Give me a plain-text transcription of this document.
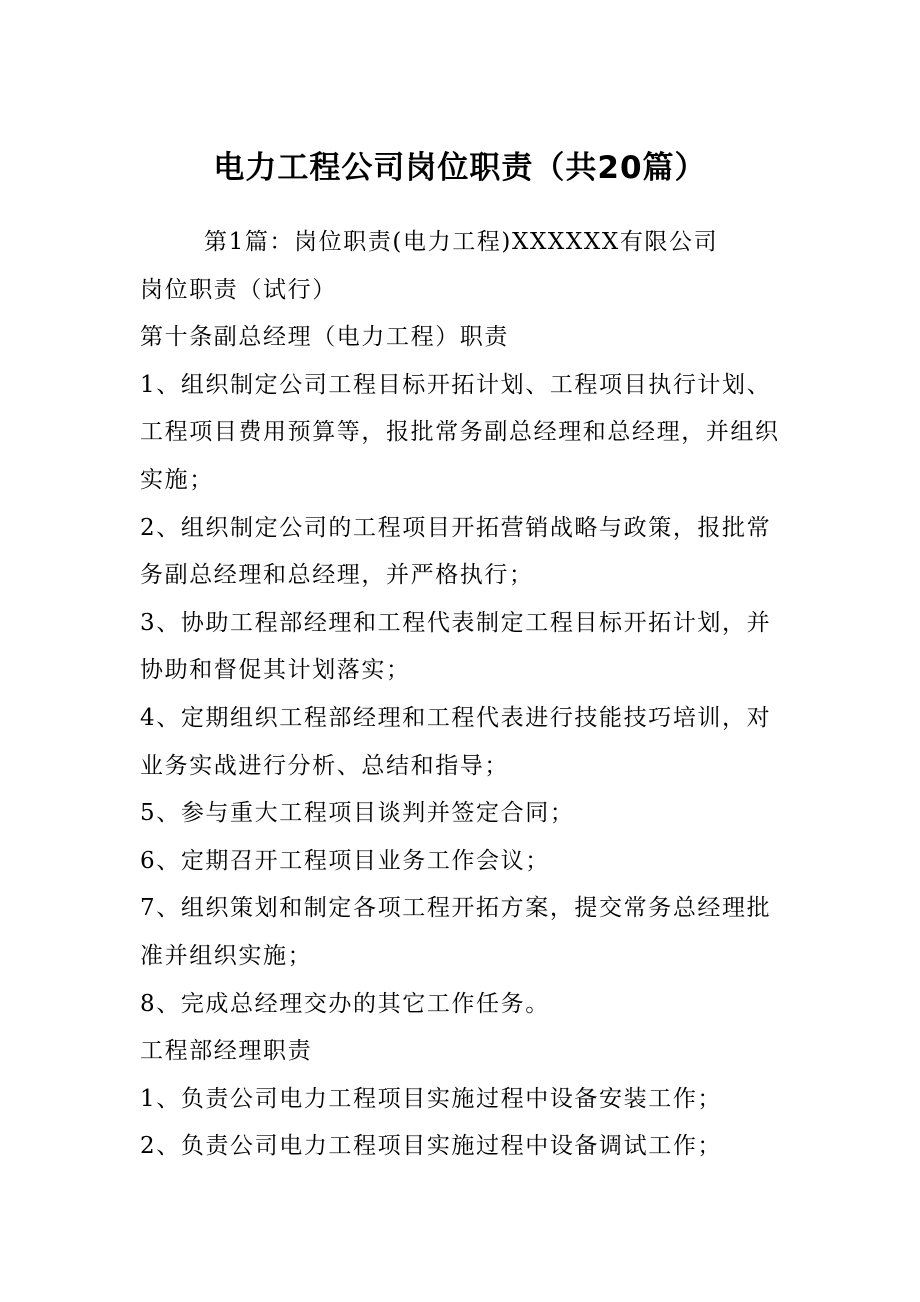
电力工程公司岗位职责（共20篇）
第1篇：岗位职责(电力工程)XXXXXX有限公司
岗位职责（试行）
第十条副总经理（电力工程）职责
1、组织制定公司工程目标开拓计划、工程项目执行计划、
工程项目费用预算等，报批常务副总经理和总经理，并组织
实施；
2、组织制定公司的工程项目开拓营销战略与政策，报批常
务副总经理和总经理，并严格执行；
3、协助工程部经理和工程代表制定工程目标开拓计划，并
协助和督促其计划落实；
4、定期组织工程部经理和工程代表进行技能技巧培训，对
业务实战进行分析、总结和指导；
5、参与重大工程项目谈判并签定合同；
6、定期召开工程项目业务工作会议；
7、组织策划和制定各项工程开拓方案，提交常务总经理批
准并组织实施；
8、完成总经理交办的其它工作任务。
工程部经理职责
1、负责公司电力工程项目实施过程中设备安装工作；
2、负责公司电力工程项目实施过程中设备调试工作；
